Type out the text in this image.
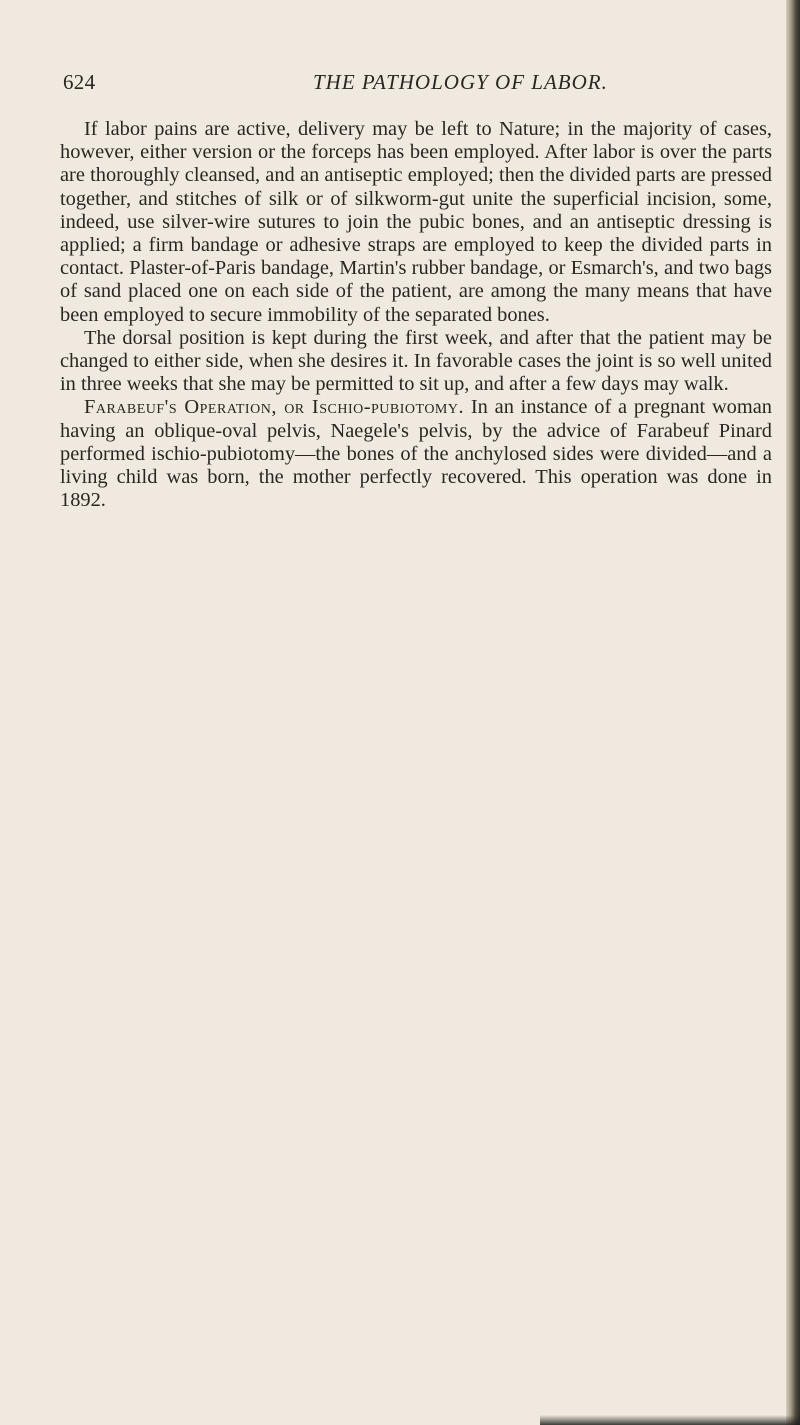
624	THE PATHOLOGY OF LABOR.

If labor pains are active, delivery may be left to Nature; in the majority of cases, however, either version or the forceps has been employed. After labor is over the parts are thoroughly cleansed, and an antiseptic employed; then the divided parts are pressed together, and stitches of silk or of silkworm-gut unite the superficial incision, some, indeed, use silver-wire sutures to join the pubic bones, and an antiseptic dressing is applied; a firm bandage or adhesive straps are employed to keep the divided parts in contact. Plaster-of-Paris bandage, Martin's rubber bandage, or Esmarch's, and two bags of sand placed one on each side of the patient, are among the many means that have been employed to secure immobility of the separated bones.

The dorsal position is kept during the first week, and after that the patient may be changed to either side, when she desires it. In favorable cases the joint is so well united in three weeks that she may be permitted to sit up, and after a few days may walk.

Farabeuf's Operation, or Ischio-pubiotomy. In an instance of a pregnant woman having an oblique-oval pelvis, Naegele's pelvis, by the advice of Farabeuf Pinard performed ischio-pubiotomy—the bones of the anchylosed sides were divided—and a living child was born, the mother perfectly recovered. This operation was done in 1892.
